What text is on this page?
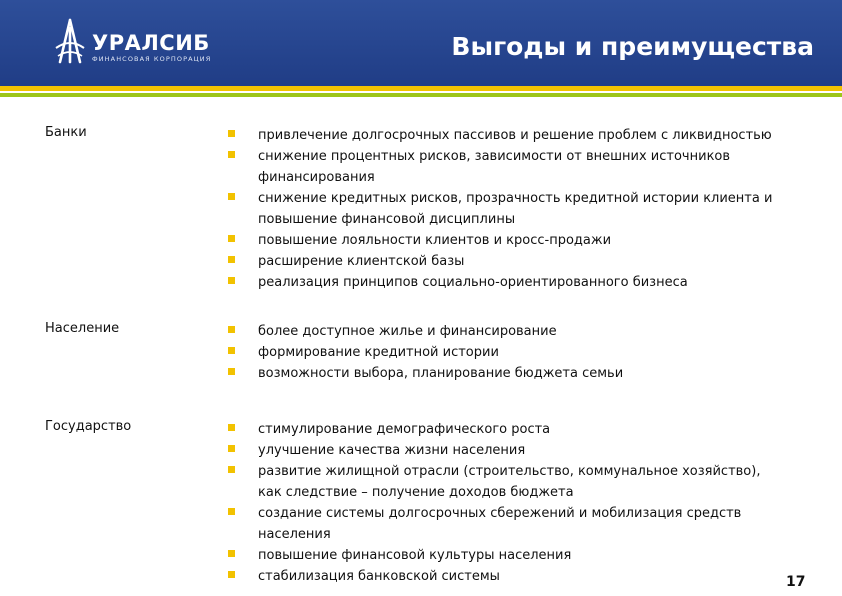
УРАЛСИБ
ФИНАНСОВАЯ КОРПОРАЦИЯ	Выгоды и преимущества
Банки	привлечение долгосрочных пассивов и решение проблем с ликвидностью
снижение процентных рисков, зависимости от внешних источников финансирования
снижение кредитных рисков, прозрачность кредитной истории клиента и повышение финансовой дисциплины
повышение лояльности клиентов и кросс-продажи
расширение клиентской базы
реализация принципов социально-ориентированного бизнеса
Население	более доступное жилье и финансирование
формирование кредитной истории
возможности выбора, планирование бюджета семьи
Государство	стимулирование демографического роста
улучшение качества жизни населения
развитие жилищной отрасли (строительство, коммунальное хозяйство), как следствие – получение доходов бюджета
создание системы долгосрочных сбережений и мобилизация средств населения
повышение финансовой культуры населения
стабилизация банковской системы	17
